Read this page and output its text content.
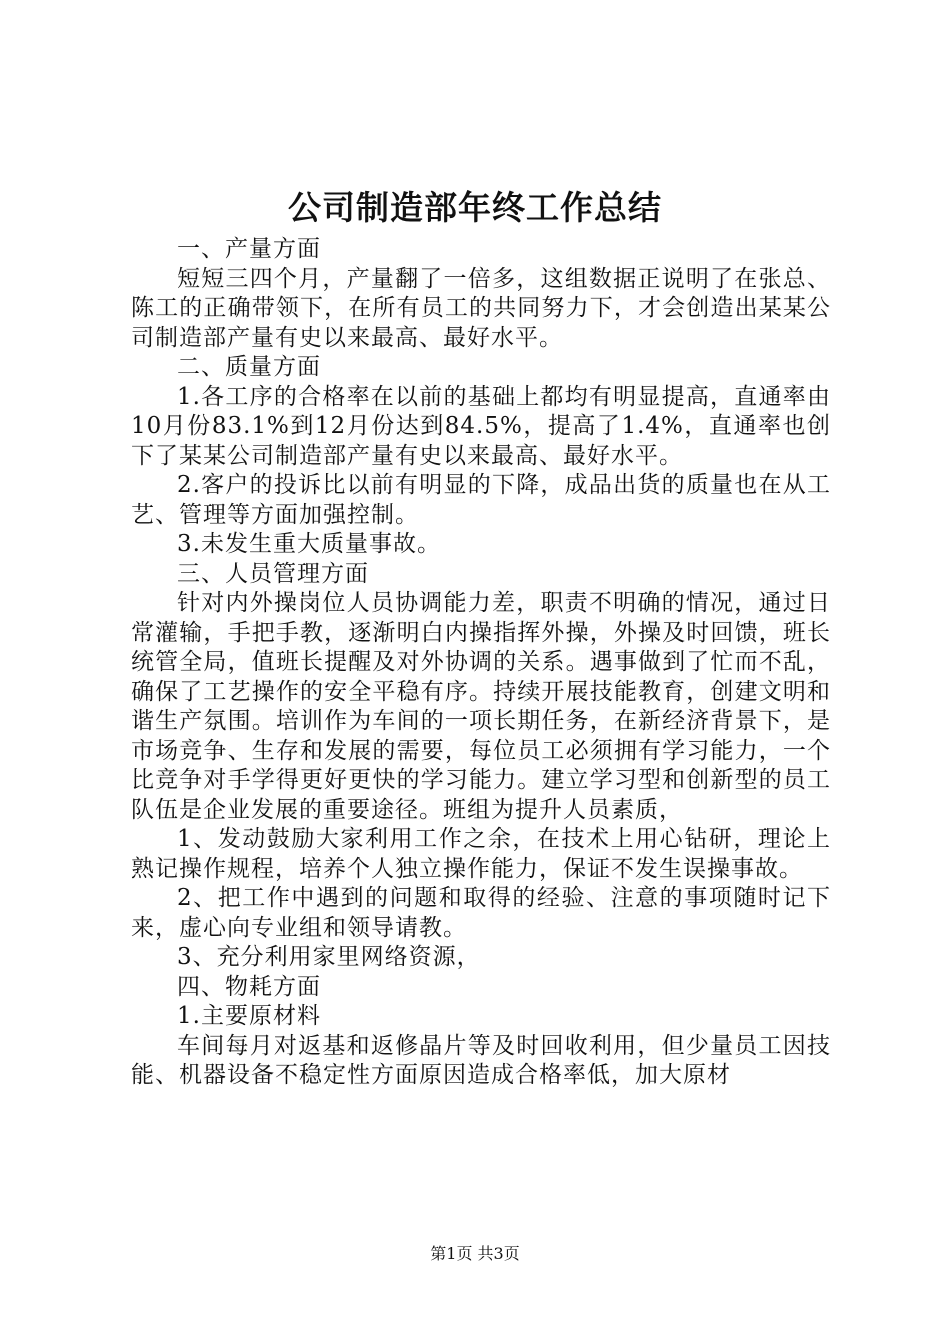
公司制造部年终工作总结

一、产量方面

短短三四个月，产量翻了一倍多，这组数据正说明了在张总、陈工的正确带领下，在所有员工的共同努力下，才会创造出某某公司制造部产量有史以来最高、最好水平。

二、质量方面

1.各工序的合格率在以前的基础上都均有明显提高，直通率由10月份83.1%到12月份达到84.5%，提高了1.4%，直通率也创下了某某公司制造部产量有史以来最高、最好水平。

2.客户的投诉比以前有明显的下降，成品出货的质量也在从工艺、管理等方面加强控制。

3.未发生重大质量事故。

三、人员管理方面

针对内外操岗位人员协调能力差，职责不明确的情况，通过日常灌输，手把手教，逐渐明白内操指挥外操，外操及时回馈，班长统管全局，值班长提醒及对外协调的关系。遇事做到了忙而不乱，确保了工艺操作的安全平稳有序。持续开展技能教育，创建文明和谐生产氛围。培训作为车间的一项长期任务，在新经济背景下，是市场竞争、生存和发展的需要，每位员工必须拥有学习能力，一个比竞争对手学得更好更快的学习能力。建立学习型和创新型的员工队伍是企业发展的重要途径。班组为提升人员素质，

1、发动鼓励大家利用工作之余，在技术上用心钻研，理论上熟记操作规程，培养个人独立操作能力，保证不发生误操事故。

2、把工作中遇到的问题和取得的经验、注意的事项随时记下来，虚心向专业组和领导请教。

3、充分利用家里网络资源，

四、物耗方面

1.主要原材料

车间每月对返基和返修晶片等及时回收利用，但少量员工因技能、机器设备不稳定性方面原因造成合格率低，加大原材

第1页 共3页
